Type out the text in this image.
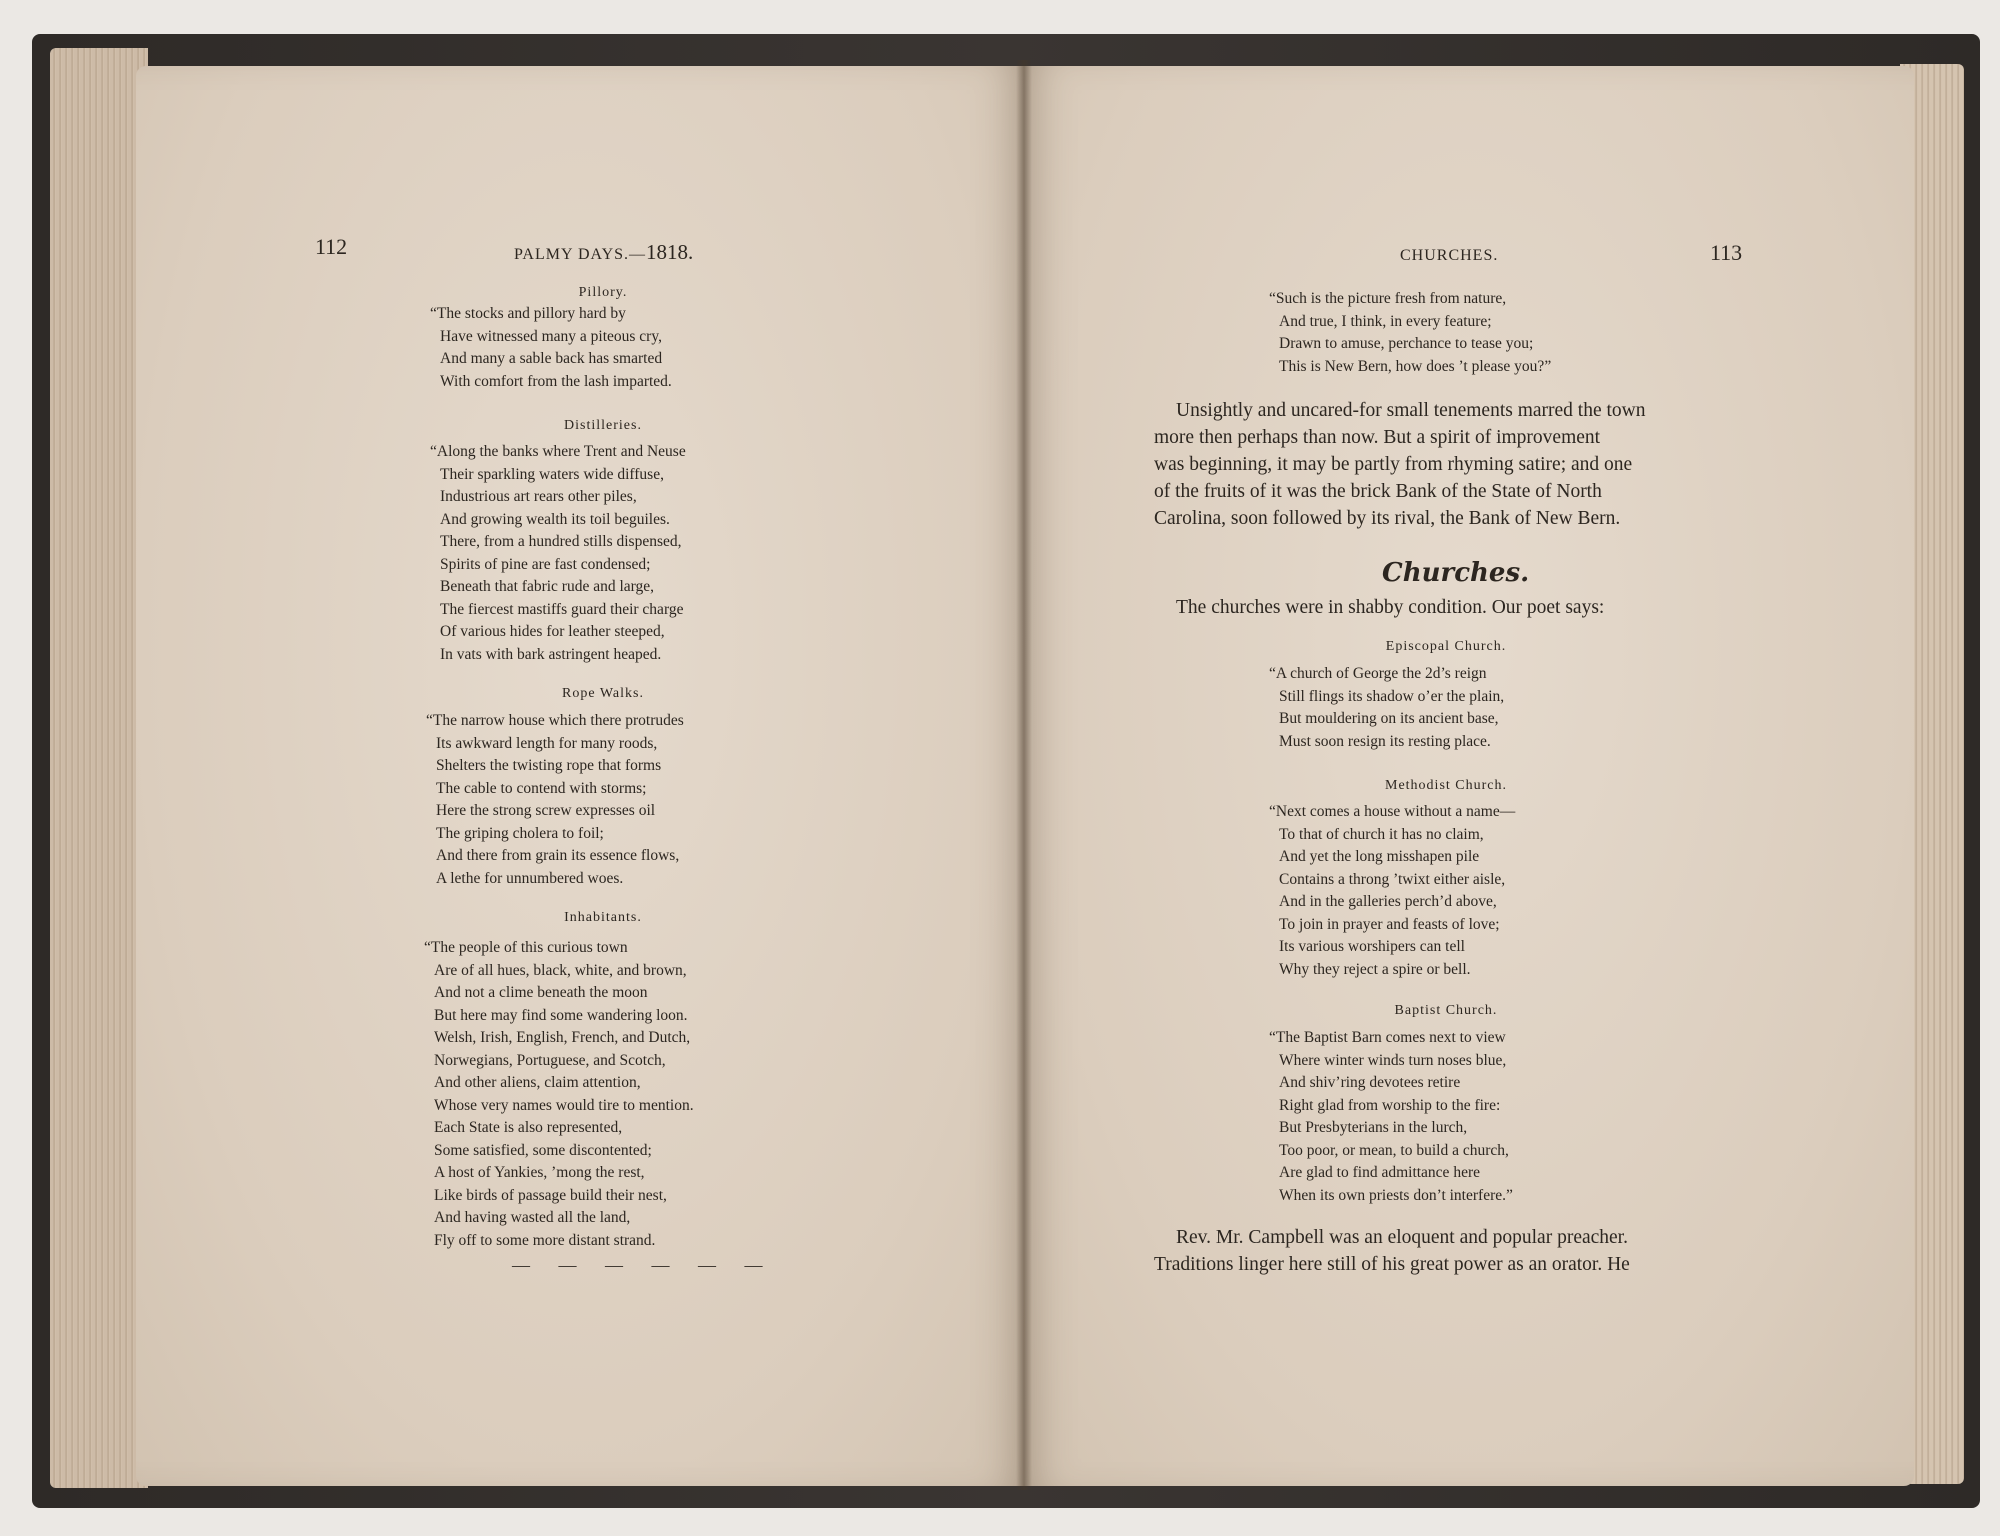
112	PALMY DAYS.—1818.
Pillory.
“The stocks and pillory hard by
Have witnessed many a piteous cry,
And many a sable back has smarted
With comfort from the lash imparted.
Distilleries.
“Along the banks where Trent and Neuse
Their sparkling waters wide diffuse,
Industrious art rears other piles,
And growing wealth its toil beguiles.
There, from a hundred stills dispensed,
Spirits of pine are fast condensed;
Beneath that fabric rude and large,
The fiercest mastiffs guard their charge
Of various hides for leather steeped,
In vats with bark astringent heaped.
Rope Walks.
“The narrow house which there protrudes
Its awkward length for many roods,
Shelters the twisting rope that forms
The cable to contend with storms;
Here the strong screw expresses oil
The griping cholera to foil;
And there from grain its essence flows,
A lethe for unnumbered woes.
Inhabitants.
“The people of this curious town
Are of all hues, black, white, and brown,
And not a clime beneath the moon
But here may find some wandering loon.
Welsh, Irish, English, French, and Dutch,
Norwegians, Portuguese, and Scotch,
And other aliens, claim attention,
Whose very names would tire to mention.
Each State is also represented,
Some satisfied, some discontented;
A host of Yankies, ’mong the rest,
Like birds of passage build their nest,
And having wasted all the land,
Fly off to some more distant strand.
— — — — — —
CHURCHES.	113
“Such is the picture fresh from nature,
And true, I think, in every feature;
Drawn to amuse, perchance to tease you;
This is New Bern, how does ’t please you?”
Unsightly and uncared-for small tenements marred the town
more then perhaps than now. But a spirit of improvement
was beginning, it may be partly from rhyming satire; and one
of the fruits of it was the brick Bank of the State of North
Carolina, soon followed by its rival, the Bank of New Bern.
Churches.
The churches were in shabby condition. Our poet says:
Episcopal Church.
“A church of George the 2d’s reign
Still flings its shadow o’er the plain,
But mouldering on its ancient base,
Must soon resign its resting place.
Methodist Church.
“Next comes a house without a name—
To that of church it has no claim,
And yet the long misshapen pile
Contains a throng ’twixt either aisle,
And in the galleries perch’d above,
To join in prayer and feasts of love;
Its various worshipers can tell
Why they reject a spire or bell.
Baptist Church.
“The Baptist Barn comes next to view
Where winter winds turn noses blue,
And shiv’ring devotees retire
Right glad from worship to the fire:
But Presbyterians in the lurch,
Too poor, or mean, to build a church,
Are glad to find admittance here
When its own priests don’t interfere.”
Rev. Mr. Campbell was an eloquent and popular preacher.
Traditions linger here still of his great power as an orator. He
